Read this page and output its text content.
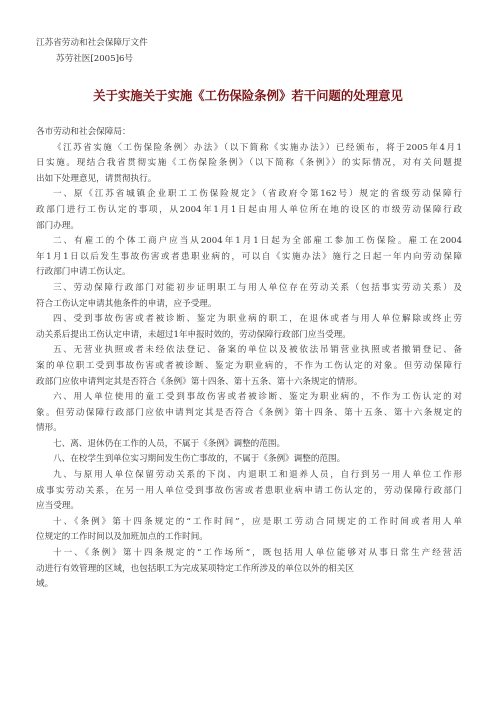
江苏省劳动和社会保障厅文件
苏劳社医[2005]6号
关于实施关于实施《工伤保险条例》若干问题的处理意见
各市劳动和社会保障局：
《江苏省实施〈工伤保险条例〉办法》（以下简称《实施办法》）已经颁布，将于2005年4月1
日实施。现结合我省贯彻实施《工伤保险条例》（以下简称《条例》）的实际情况，对有关问题提
出如下处理意见，请贯彻执行。
一、原《江苏省城镇企业职工工伤保险规定》（省政府令第162号）规定的省级劳动保障行
政部门进行工伤认定的事项，从2004年1月1日起由用人单位所在地的设区的市级劳动保障行政
部门办理。
二、有雇工的个体工商户应当从2004年1月1日起为全部雇工参加工伤保险。雇工在2004
年1月1日以后发生事故伤害或者患职业病的，可以自《实施办法》施行之日起一年内向劳动保障
行政部门申请工伤认定。
三、劳动保障行政部门对能初步证明职工与用人单位存在劳动关系（包括事实劳动关系）及
符合工伤认定申请其他条件的申请，应予受理。
四、受到事故伤害或者被诊断、鉴定为职业病的职工，在退休或者与用人单位解除或终止劳
动关系后提出工伤认定申请，未超过1年申报时效的，劳动保障行政部门应当受理。
五、无营业执照或者未经依法登记、备案的单位以及被依法吊销营业执照或者撤销登记、备
案的单位职工受到事故伤害或者被诊断、鉴定为职业病的，不作为工伤认定的对象。但劳动保障行
政部门应依申请判定其是否符合《条例》第十四条、第十五条、第十六条规定的情形。
六、用人单位使用的童工受到事故伤害或者被诊断、鉴定为职业病的，不作为工伤认定的对
象。但劳动保障行政部门应依申请判定其是否符合《条例》第十四条、第十五条、第十六条规定的
情形。
七、离、退休仍在工作的人员，不属于《条例》调整的范围。
八、在校学生到单位实习期间发生伤亡事故的，不属于《条例》调整的范围。
九、与原用人单位保留劳动关系的下岗、内退职工和退养人员，自行到另一用人单位工作形
成事实劳动关系，在另一用人单位受到事故伤害或者患职业病申请工伤认定的，劳动保障行政部门
应当受理。
十、《条例》第十四条规定的“工作时间”，应是职工劳动合同规定的工作时间或者用人单
位规定的工作时间以及加班加点的工作时间。
十一、《条例》第十四条规定的“工作场所”，既包括用人单位能够对从事日常生产经营活
动进行有效管理的区域，也包括职工为完成某项特定工作所涉及的单位以外的相关区
域。
